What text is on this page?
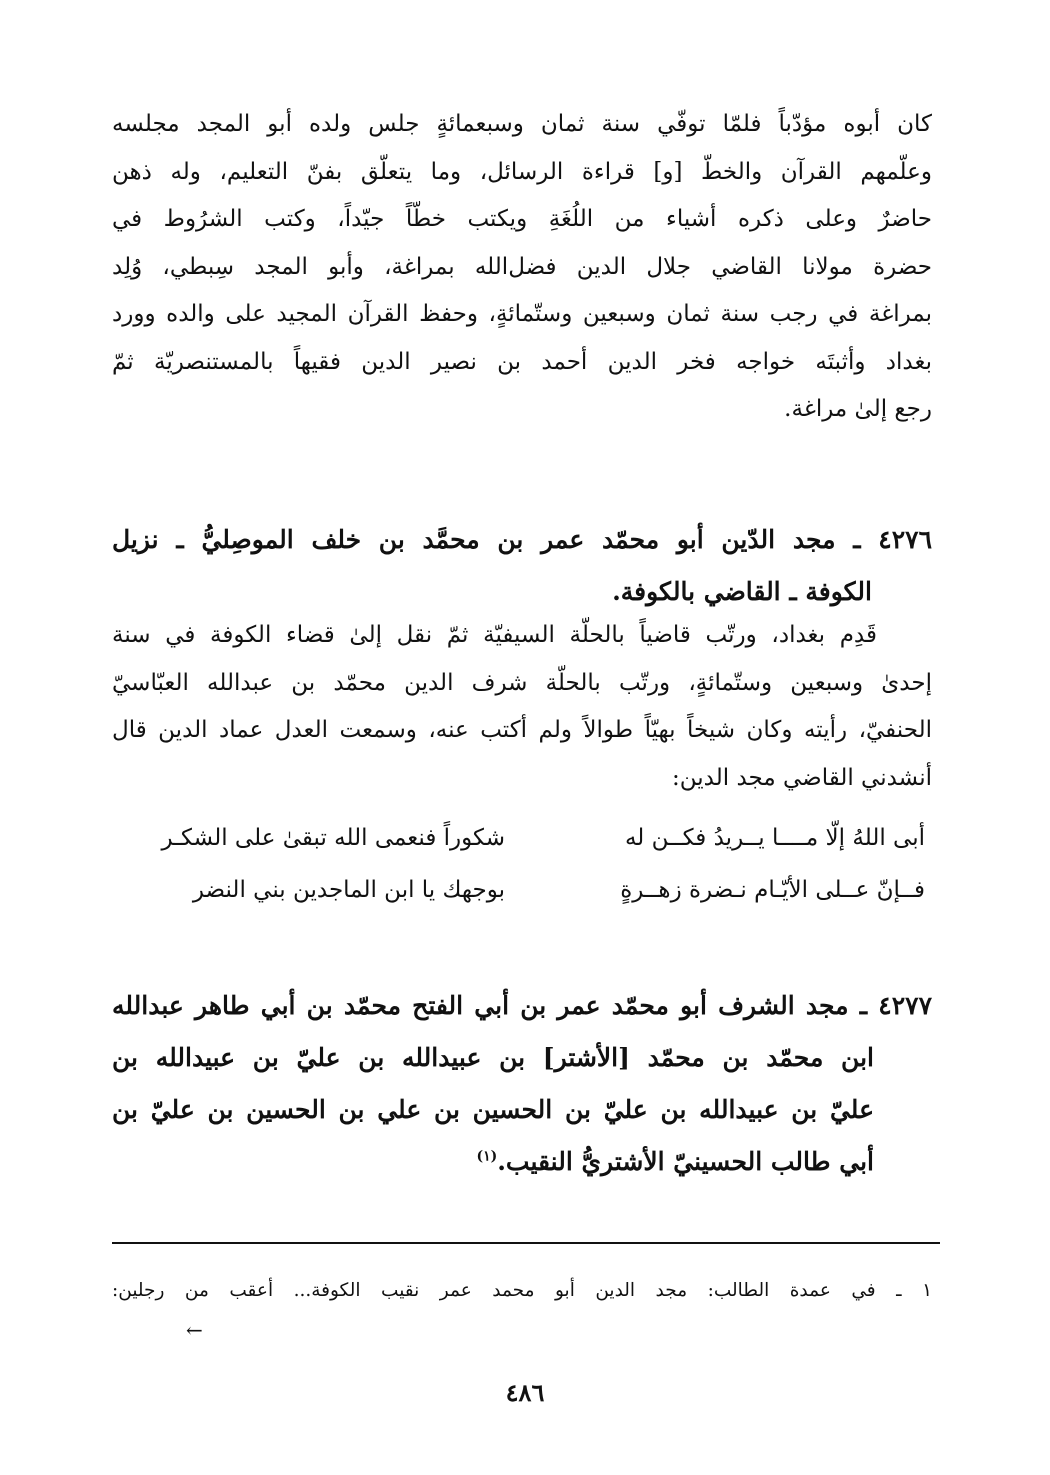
كان أبوه مؤدّباً فلمّا توفّي سنة ثمان وسبعمائةٍ جلس ولده أبو المجد مجلسه
وعلّمهم القرآن والخطّ [و] قراءة الرسائل، وما يتعلّق بفنّ التعليم، وله ذهن
حاضرٌ وعلى ذكره أشياء من اللُغَةِ ويكتب خطّاً جيّداً، وكتب الشرُوط في
حضرة مولانا القاضي جلال الدين فضل‌الله بمراغة، وأبو المجد سِبطي، وُلِد
بمراغة في رجب سنة ثمان وسبعين وستّمائةٍ، وحفظ القرآن المجيد على والده وورد
بغداد وأثبتَه خواجه فخر الدين أحمد بن نصير الدين فقيهاً بالمستنصريّة ثمّ
رجع إلىٰ مراغة.
٤٢٧٦ ـ مجد الدّين أبو محمّد عمر بن محمَّد بن خلف الموصِليُّ ـ نزيل
الكوفة ـ القاضي بالكوفة.
قَدِم بغداد، ورتّب قاضياً بالحلّة السيفيّة ثمّ نقل إلىٰ قضاء الكوفة في سنة
إحدىٰ وسبعين وستّمائةٍ، ورتّب بالحلّة شرف الدين محمّد بن عبدالله العبّاسيّ
الحنفيّ، رأيته وكان شيخاً بهيّاً طوالاً ولم أكتب عنه، وسمعت العدل عماد الدين قال
أنشدني القاضي مجد الدين:
أبى اللهُ إلّا مــــا يــريدُ فكــن له
شكوراً فنعمى الله تبقىٰ على الشكـر
فــإنّ عــلى الأيّـام نـضرة زهــرةٍ
بوجهك يا ابن الماجدين بني النضر
٤٢٧٧ ـ مجد الشرف أبو محمّد عمر بن أبي الفتح محمّد بن أبي طاهر عبدالله
ابن محمّد بن محمّد [الأشتر] بن عبيدالله بن عليّ بن عبيدالله بن
عليّ بن عبيدالله بن عليّ بن الحسين بن علي بن الحسين بن عليّ بن
أبي طالب الحسينيّ الأشتريُّ النقيب.$^{(١)}$
١ ـ في عمدة الطالب: مجد الدين أبو محمد عمر نقيب الكوفة... أعقب من رجلين:
←
٤٨٦
